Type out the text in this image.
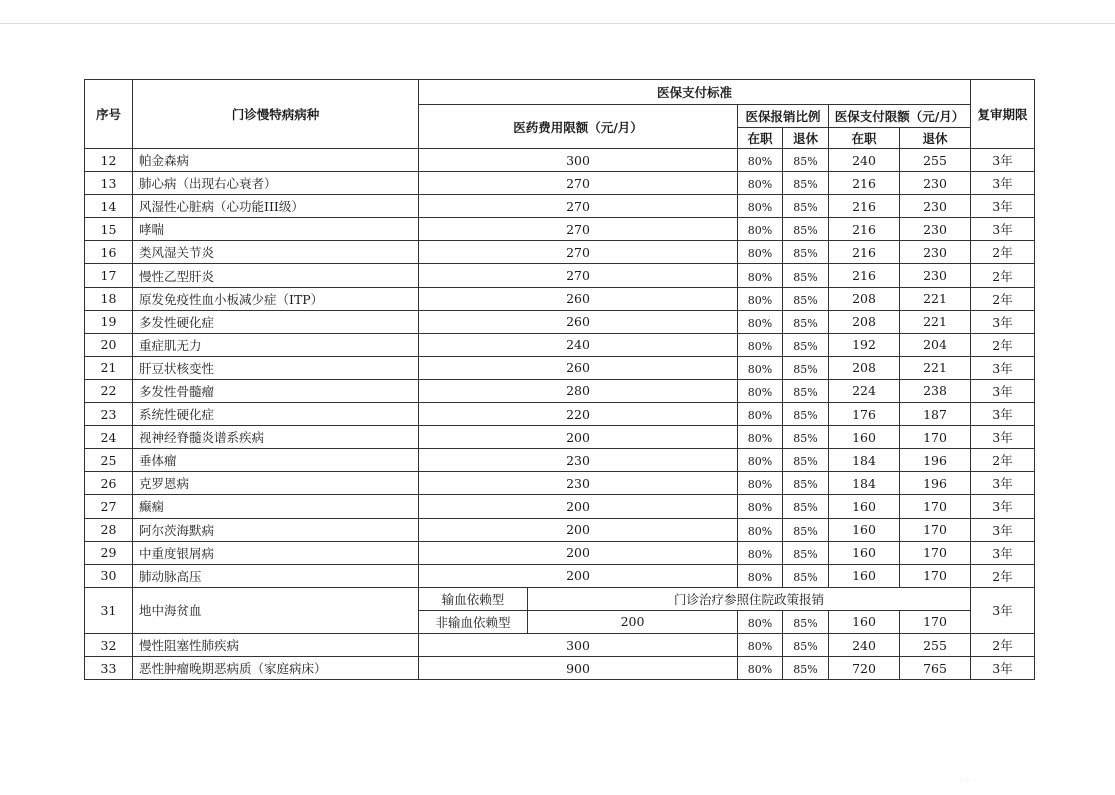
序号	门诊慢特病病种	医保支付标准						复审期限
		医药费用限额（元/月）		医保报销比例		医保支付限额（元/月）		
				在职	退休	在职	退休	
12	帕金森病	300		80%	85%	240	255	3年
13	肺心病（出现右心衰者）	270		80%	85%	216	230	3年
14	风湿性心脏病（心功能III级）	270		80%	85%	216	230	3年
15	哮喘	270		80%	85%	216	230	3年
16	类风湿关节炎	270		80%	85%	216	230	2年
17	慢性乙型肝炎	270		80%	85%	216	230	2年
18	原发免疫性血小板减少症（ITP）	260		80%	85%	208	221	2年
19	多发性硬化症	260		80%	85%	208	221	3年
20	重症肌无力	240		80%	85%	192	204	2年
21	肝豆状核变性	260		80%	85%	208	221	3年
22	多发性骨髓瘤	280		80%	85%	224	238	3年
23	系统性硬化症	220		80%	85%	176	187	3年
24	视神经脊髓炎谱系疾病	200		80%	85%	160	170	3年
25	垂体瘤	230		80%	85%	184	196	2年
26	克罗恩病	230		80%	85%	184	196	3年
27	癫痫	200		80%	85%	160	170	3年
28	阿尔茨海默病	200		80%	85%	160	170	3年
29	中重度银屑病	200		80%	85%	160	170	3年
30	肺动脉高压	200		80%	85%	160	170	2年
31	地中海贫血	输血依赖型	门诊治疗参照住院政策报销					3年
		非输血依赖型	200	80%	85%	160	170	
32	慢性阻塞性肺疾病	300		80%	85%	240	255	2年
33	恶性肿瘤晚期恶病质（家庭病床）	900		80%	85%	720	765	3年
· ·
